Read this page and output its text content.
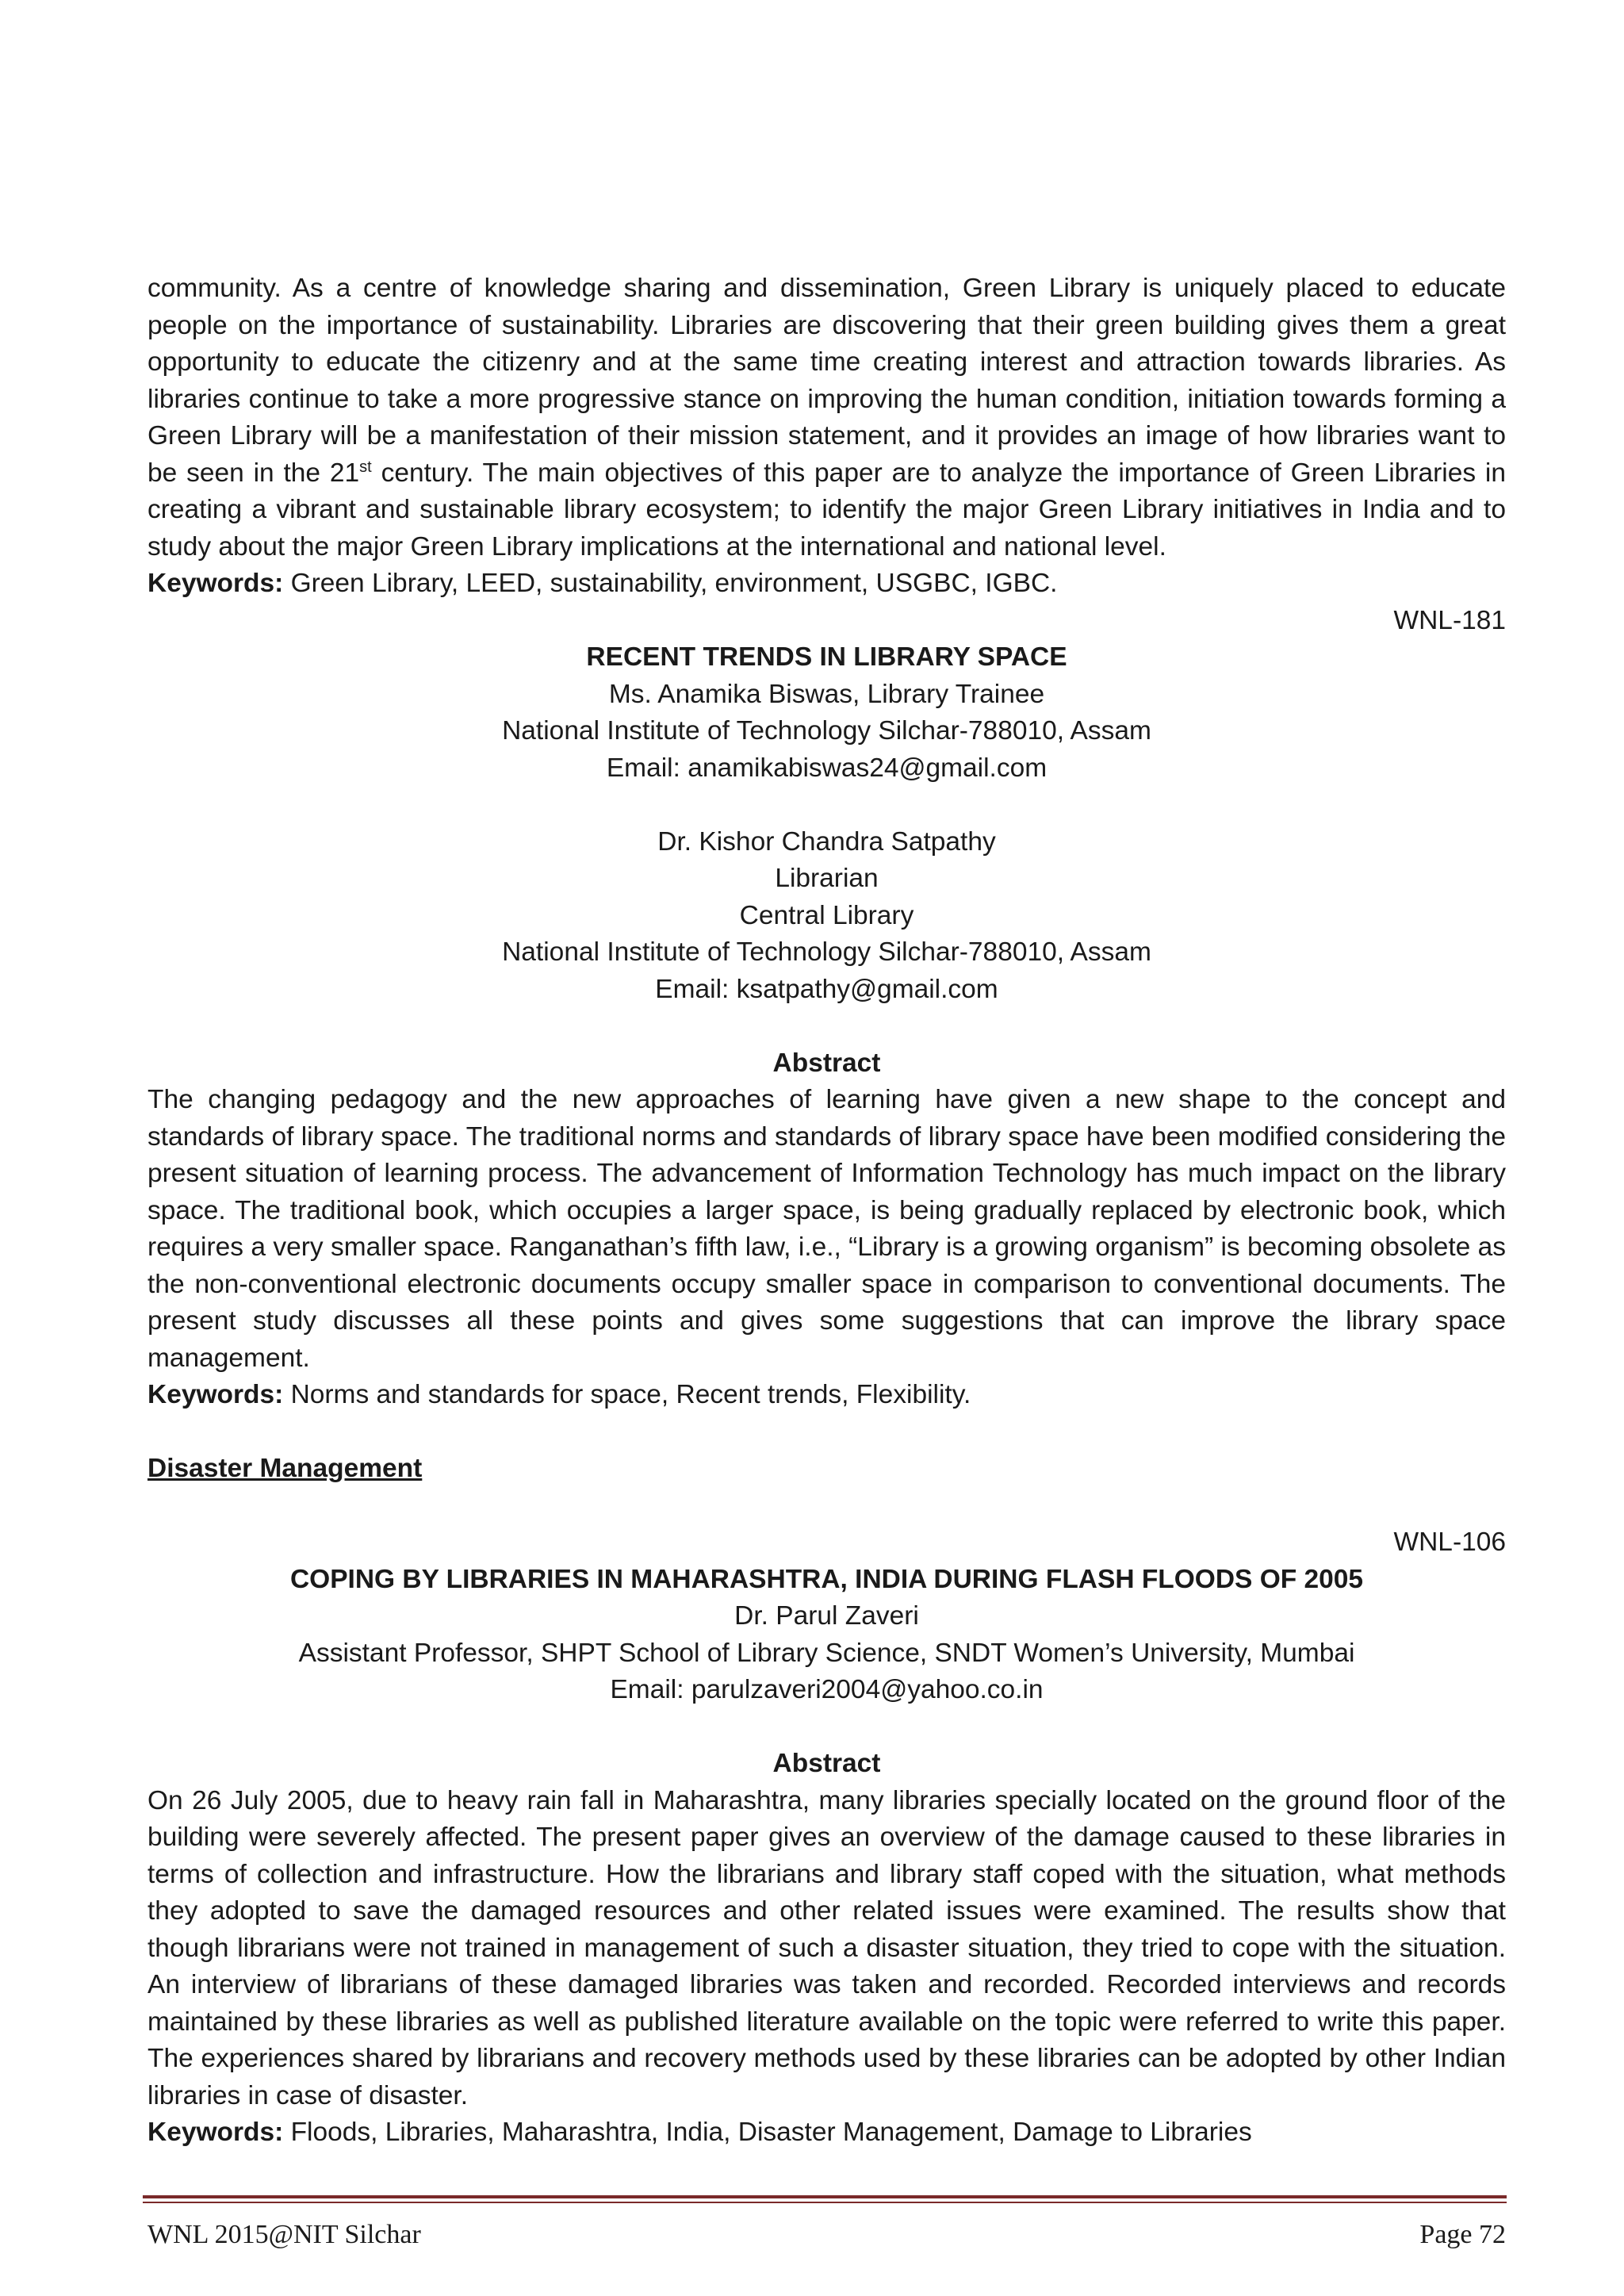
community. As a centre of knowledge sharing and dissemination, Green Library is uniquely placed to educate people on the importance of sustainability. Libraries are discovering that their green building gives them a great opportunity to educate the citizenry and at the same time creating interest and attraction towards libraries. As libraries continue to take a more progressive stance on improving the human condition, initiation towards forming a Green Library will be a manifestation of their mission statement, and it provides an image of how libraries want to be seen in the 21st century. The main objectives of this paper are to analyze the importance of Green Libraries in creating a vibrant and sustainable library ecosystem; to identify the major Green Library initiatives in India and to study about the major Green Library implications at the international and national level.

Keywords: Green Library, LEED, sustainability, environment, USGBC, IGBC.

WNL-181

RECENT TRENDS IN LIBRARY SPACE

Ms. Anamika Biswas, Library Trainee

National Institute of Technology Silchar-788010, Assam

Email: anamikabiswas24@gmail.com

Dr. Kishor Chandra Satpathy

Librarian

Central Library

National Institute of Technology Silchar-788010, Assam

Email: ksatpathy@gmail.com

Abstract

The changing pedagogy and the new approaches of learning have given a new shape to the concept and standards of library space. The traditional norms and standards of library space have been modified considering the present situation of learning process. The advancement of Information Technology has much impact on the library space. The traditional book, which occupies a larger space, is being gradually replaced by electronic book, which requires a very smaller space. Ranganathan’s fifth law, i.e., “Library is a growing organism” is becoming obsolete as the non-conventional electronic documents occupy smaller space in comparison to conventional documents. The present study discusses all these points and gives some suggestions that can improve the library space management.

Keywords: Norms and standards for space, Recent trends, Flexibility.

Disaster Management

WNL-106

COPING BY LIBRARIES IN MAHARASHTRA, INDIA DURING FLASH FLOODS OF 2005

Dr. Parul Zaveri

Assistant Professor, SHPT School of Library Science, SNDT Women’s University, Mumbai

Email: parulzaveri2004@yahoo.co.in

Abstract

On 26 July 2005, due to heavy rain fall in Maharashtra, many libraries specially located on the ground floor of the building were severely affected. The present paper gives an overview of the damage caused to these libraries in terms of collection and infrastructure. How the librarians and library staff coped with the situation, what methods they adopted to save the damaged resources and other related issues were examined. The results show that though librarians were not trained in management of such a disaster situation, they tried to cope with the situation. An interview of librarians of these damaged libraries was taken and recorded. Recorded interviews and records maintained by these libraries as well as published literature available on the topic were referred to write this paper. The experiences shared by librarians and recovery methods used by these libraries can be adopted by other Indian libraries in case of disaster.

Keywords: Floods, Libraries, Maharashtra, India, Disaster Management, Damage to Libraries

WNL 2015@NIT Silchar	Page 72
